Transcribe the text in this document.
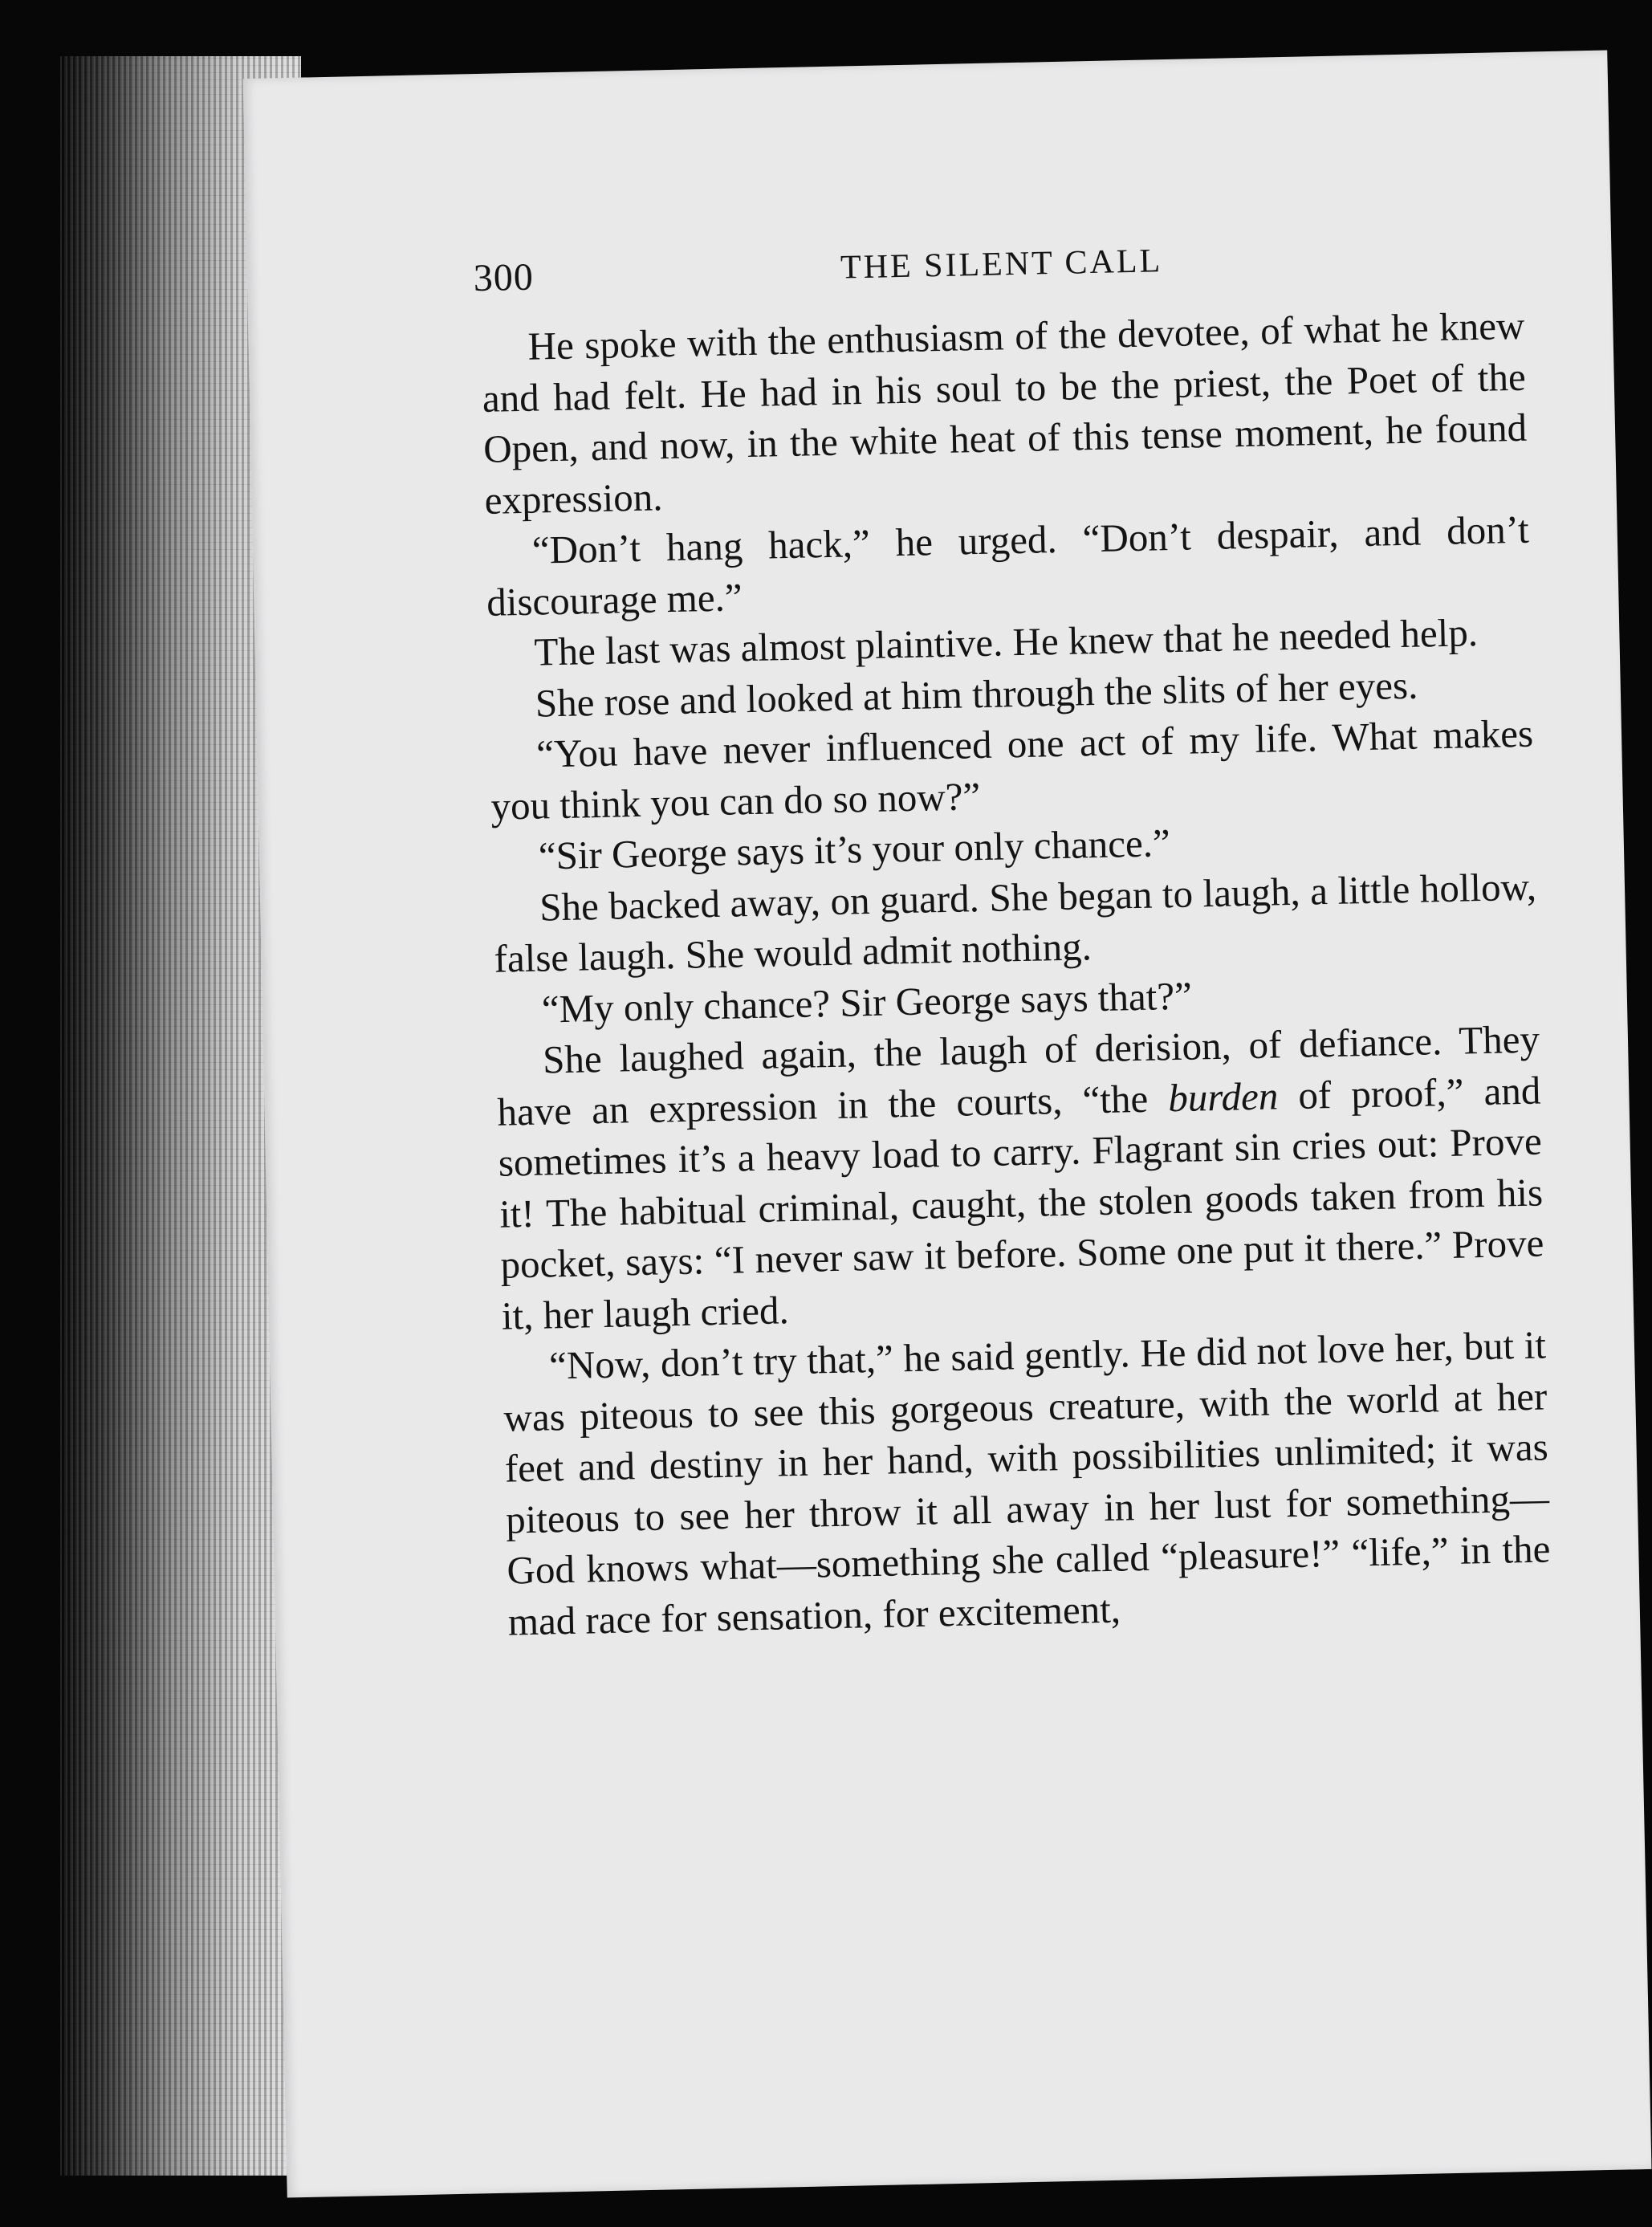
300	THE SILENT CALL

He spoke with the enthusiasm of the devotee, of what he knew and had felt. He had in his soul to be the priest, the Poet of the Open, and now, in the white heat of this tense moment, he found expression.

“Don’t hang hack,” he urged. “Don’t despair, and don’t discourage me.”

The last was almost plaintive. He knew that he needed help.

She rose and looked at him through the slits of her eyes.

“You have never influenced one act of my life. What makes you think you can do so now?”

“Sir George says it’s your only chance.”

She backed away, on guard. She began to laugh, a little hollow, false laugh. She would admit nothing.

“My only chance? Sir George says that?”

She laughed again, the laugh of derision, of defiance. They have an expression in the courts, “the burden of proof,” and sometimes it’s a heavy load to carry. Flagrant sin cries out: Prove it! The habitual criminal, caught, the stolen goods taken from his pocket, says: “I never saw it before. Some one put it there.” Prove it, her laugh cried.

“Now, don’t try that,” he said gently. He did not love her, but it was piteous to see this gorgeous creature, with the world at her feet and destiny in her hand, with possibilities unlimited; it was piteous to see her throw it all away in her lust for something—God knows what—something she called “pleasure!” “life,” in the mad race for sensation, for excitement,
